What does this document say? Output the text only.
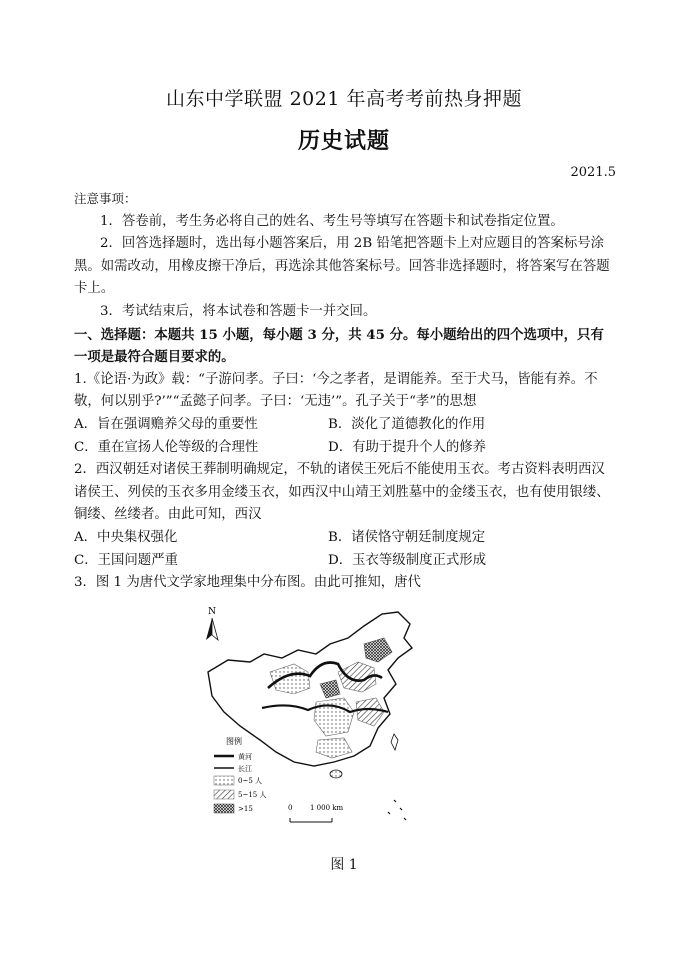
山东中学联盟 2021 年高考考前热身押题
历史试题
2021.5

注意事项：

1．答卷前，考生务必将自己的姓名、考生号等填写在答题卡和试卷指定位置。

2．回答选择题时，选出每小题答案后，用 2B 铅笔把答题卡上对应题目的答案标号涂黑。如需改动，用橡皮擦干净后，再选涂其他答案标号。回答非选择题时，将答案写在答题卡上。

3．考试结束后，将本试卷和答题卡一并交回。

一、选择题：本题共 15 小题，每小题 3 分，共 45 分。每小题给出的四个选项中，只有一项是最符合题目要求的。

1.《论语·为政》载：“子游问孝。子曰：‘今之孝者，是谓能养。至于犬马，皆能有养。不敬，何以别乎?’”“孟懿子问孝。子曰：‘无违’”。孔子关于“孝”的思想

A．旨在强调赡养父母的重要性	B．淡化了道德教化的作用
C．重在宣扬人伦等级的合理性	D．有助于提升个人的修养

2．西汉朝廷对诸侯王葬制明确规定，不轨的诸侯王死后不能使用玉衣。考古资料表明西汉诸侯王、列侯的玉衣多用金缕玉衣，如西汉中山靖王刘胜墓中的金缕玉衣，也有使用银缕、铜缕、丝缕者。由此可知，西汉

A．中央集权强化	B．诸侯恪守朝廷制度规定
C．王国问题严重	D．玉衣等级制度正式形成

3．图 1 为唐代文学家地理集中分布图。由此可推知，唐代

N
图例
黄河
长江
0~5 人
5~15 人
>15	0	1 000 km
图 1
